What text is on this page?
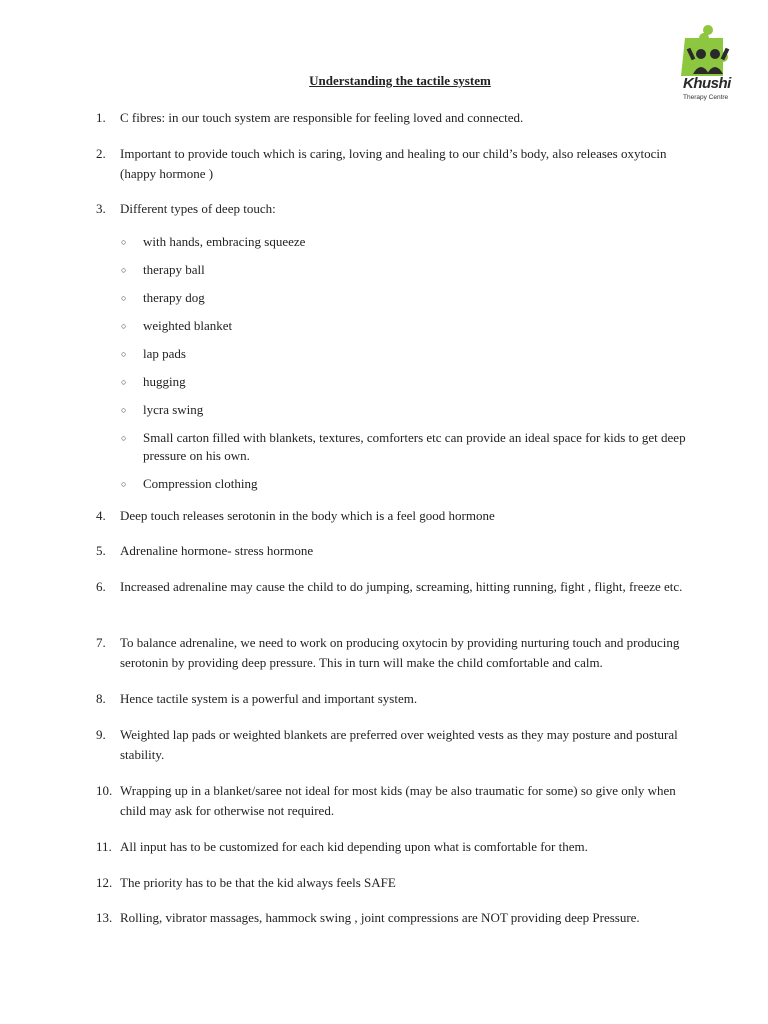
Khushi
Therapy Centre
Understanding the tactile system
1.	C fibres: in our touch system are responsible for feeling loved and connected.
2.	Important to provide touch which is caring, loving and healing to our child’s body, also releases oxytocin (happy hormone )
3.	Different types of deep touch:
○ with hands, embracing squeeze
○ therapy ball
○ therapy dog
○ weighted blanket
○ lap pads
○ hugging
○ lycra swing
○ Small carton filled with blankets, textures, comforters etc can provide an ideal space for kids to get deep pressure on his own.
○ Compression clothing
4.	Deep touch releases serotonin in the body which is a feel good hormone
5.	Adrenaline hormone- stress hormone
6.	Increased adrenaline may cause the child to do jumping, screaming, hitting running, fight , flight, freeze etc.
7.	To balance adrenaline, we need to work on producing oxytocin by providing nurturing touch and producing serotonin by providing deep pressure. This in turn will make the child comfortable and calm.
8.	Hence tactile system is a powerful and important system.
9.	Weighted lap pads or weighted blankets are preferred over weighted vests as they may posture and postural stability.
10. Wrapping up in a blanket/saree not ideal for most kids (may be also traumatic for some) so give only when child may ask for otherwise not required.
11. All input has to be customized for each kid depending upon what is comfortable for them.
12. The priority has to be that the kid always feels SAFE
13. Rolling, vibrator massages, hammock swing , joint compressions are NOT providing deep Pressure.
